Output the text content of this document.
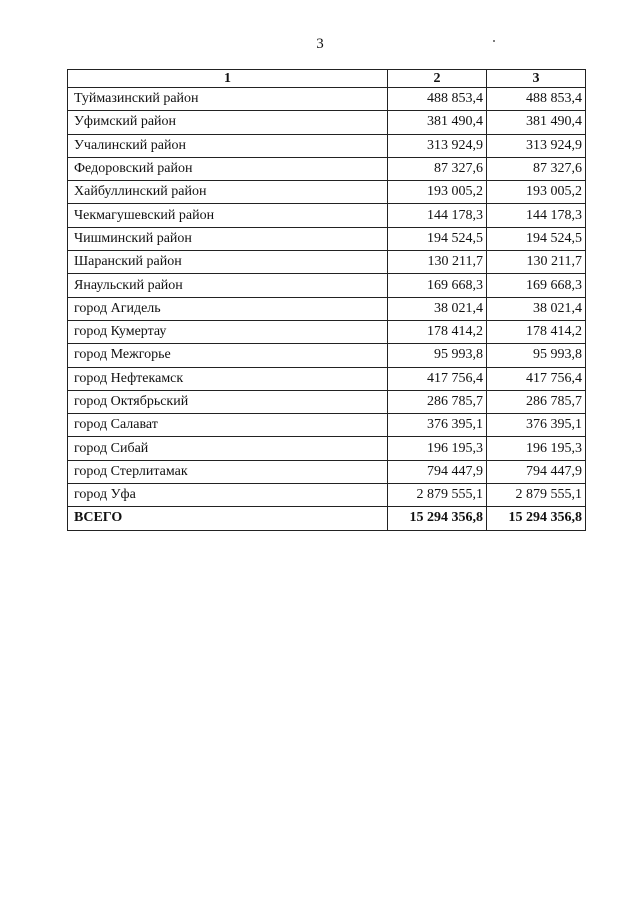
3
1	2	3
Туймазинский район	488 853,4	488 853,4
Уфимский район	381 490,4	381 490,4
Учалинский район	313 924,9	313 924,9
Федоровский район	87 327,6	87 327,6
Хайбуллинский район	193 005,2	193 005,2
Чекмагушевский район	144 178,3	144 178,3
Чишминский район	194 524,5	194 524,5
Шаранский район	130 211,7	130 211,7
Янаульский район	169 668,3	169 668,3
город Агидель	38 021,4	38 021,4
город Кумертау	178 414,2	178 414,2
город Межгорье	95 993,8	95 993,8
город Нефтекамск	417 756,4	417 756,4
город Октябрьский	286 785,7	286 785,7
город Салават	376 395,1	376 395,1
город Сибай	196 195,3	196 195,3
город Стерлитамак	794 447,9	794 447,9
город Уфа	2 879 555,1	2 879 555,1
ВСЕГО	15 294 356,8	15 294 356,8
